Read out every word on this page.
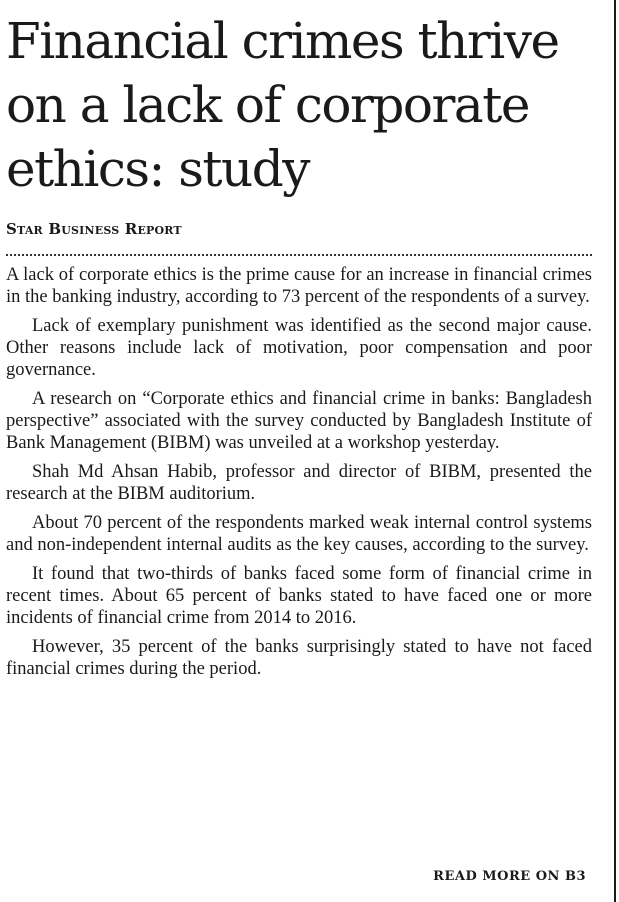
Financial crimes thrive
on a lack of corporate
ethics: study
Star Business Report

A lack of corporate ethics is the prime cause for an increase in financial crimes in the banking industry, according to 73 percent of the respondents of a survey.

Lack of exemplary punishment was identified as the second major cause. Other reasons include lack of motivation, poor compensation and poor governance.

A research on “Corporate ethics and financial crime in banks: Bangladesh perspective” associated with the survey conducted by Bangladesh Institute of Bank Management (BIBM) was unveiled at a workshop yesterday.

Shah Md Ahsan Habib, professor and director of BIBM, presented the research at the BIBM auditorium.

About 70 percent of the respondents marked weak internal control systems and non-independent internal audits as the key causes, according to the survey.

It found that two-thirds of banks faced some form of financial crime in recent times. About 65 percent of banks stated to have faced one or more incidents of financial crime from 2014 to 2016.

However, 35 percent of the banks surprisingly stated to have not faced financial crimes during the period.

READ MORE ON B3
